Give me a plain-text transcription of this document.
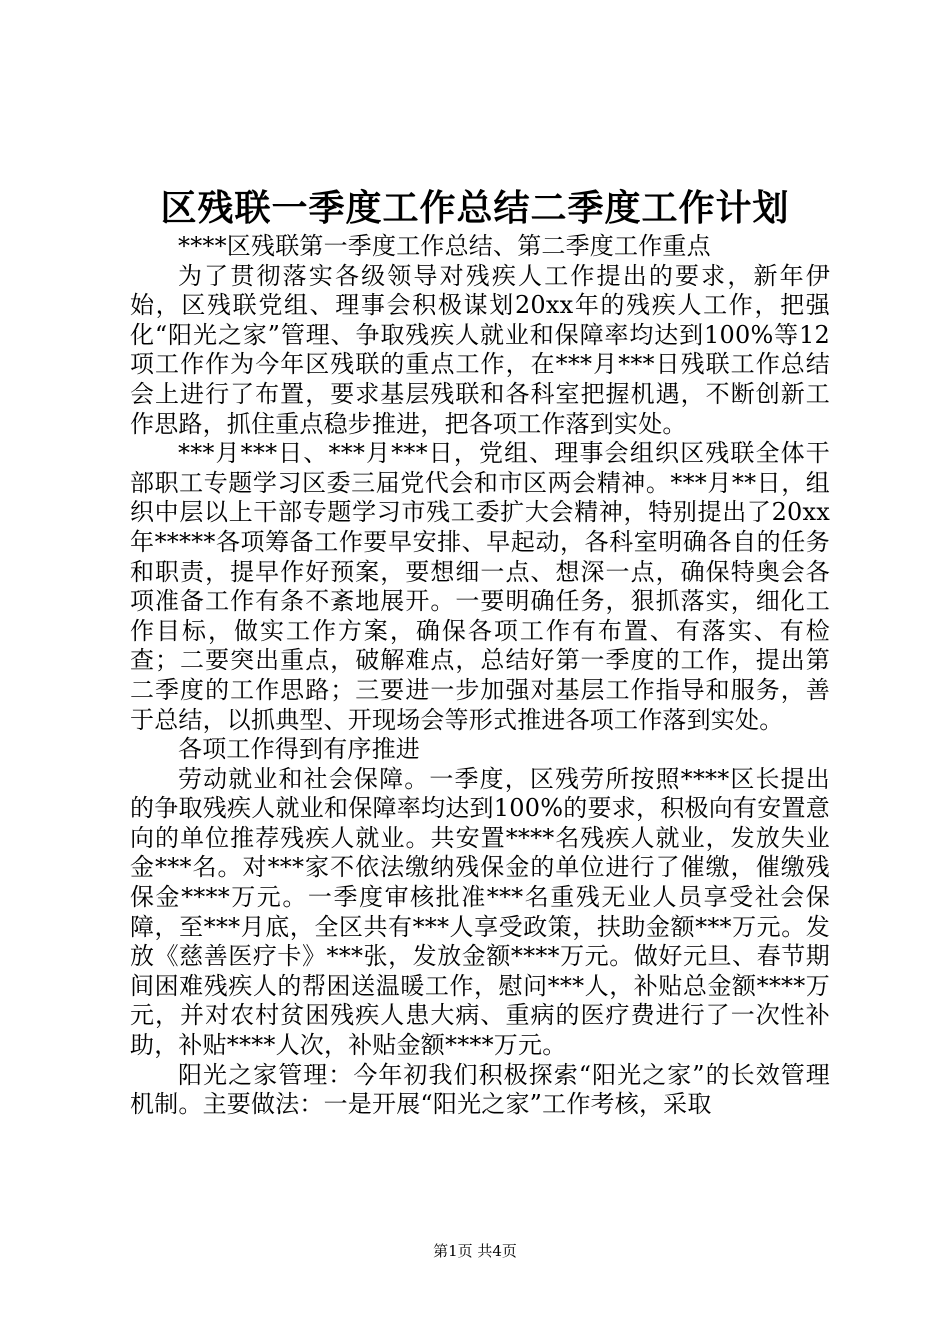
区残联一季度工作总结二季度工作计划

****区残联第一季度工作总结、第二季度工作重点

为了贯彻落实各级领导对残疾人工作提出的要求，新年伊始，区残联党组、理事会积极谋划20xx年的残疾人工作，把强化“阳光之家”管理、争取残疾人就业和保障率均达到100%等12项工作作为今年区残联的重点工作，在***月***日残联工作总结会上进行了布置，要求基层残联和各科室把握机遇，不断创新工作思路，抓住重点稳步推进，把各项工作落到实处。

***月***日、***月***日，党组、理事会组织区残联全体干部职工专题学习区委三届党代会和市区两会精神。***月**日，组织中层以上干部专题学习市残工委扩大会精神，特别提出了20xx年*****各项筹备工作要早安排、早起动，各科室明确各自的任务和职责，提早作好预案，要想细一点、想深一点，确保特奥会各项准备工作有条不紊地展开。一要明确任务，狠抓落实，细化工作目标，做实工作方案，确保各项工作有布置、有落实、有检查；二要突出重点，破解难点，总结好第一季度的工作，提出第二季度的工作思路；三要进一步加强对基层工作指导和服务，善于总结，以抓典型、开现场会等形式推进各项工作落到实处。

各项工作得到有序推进

劳动就业和社会保障。一季度，区残劳所按照****区长提出的争取残疾人就业和保障率均达到100%的要求，积极向有安置意向的单位推荐残疾人就业。共安置****名残疾人就业，发放失业金***名。对***家不依法缴纳残保金的单位进行了催缴，催缴残保金****万元。一季度审核批准***名重残无业人员享受社会保障，至***月底，全区共有***人享受政策，扶助金额***万元。发放《慈善医疗卡》***张，发放金额****万元。做好元旦、春节期间困难残疾人的帮困送温暖工作，慰问***人，补贴总金额****万元，并对农村贫困残疾人患大病、重病的医疗费进行了一次性补助，补贴****人次，补贴金额****万元。

阳光之家管理：今年初我们积极探索“阳光之家”的长效管理机制。主要做法：一是开展“阳光之家”工作考核，采取

第1页 共4页
